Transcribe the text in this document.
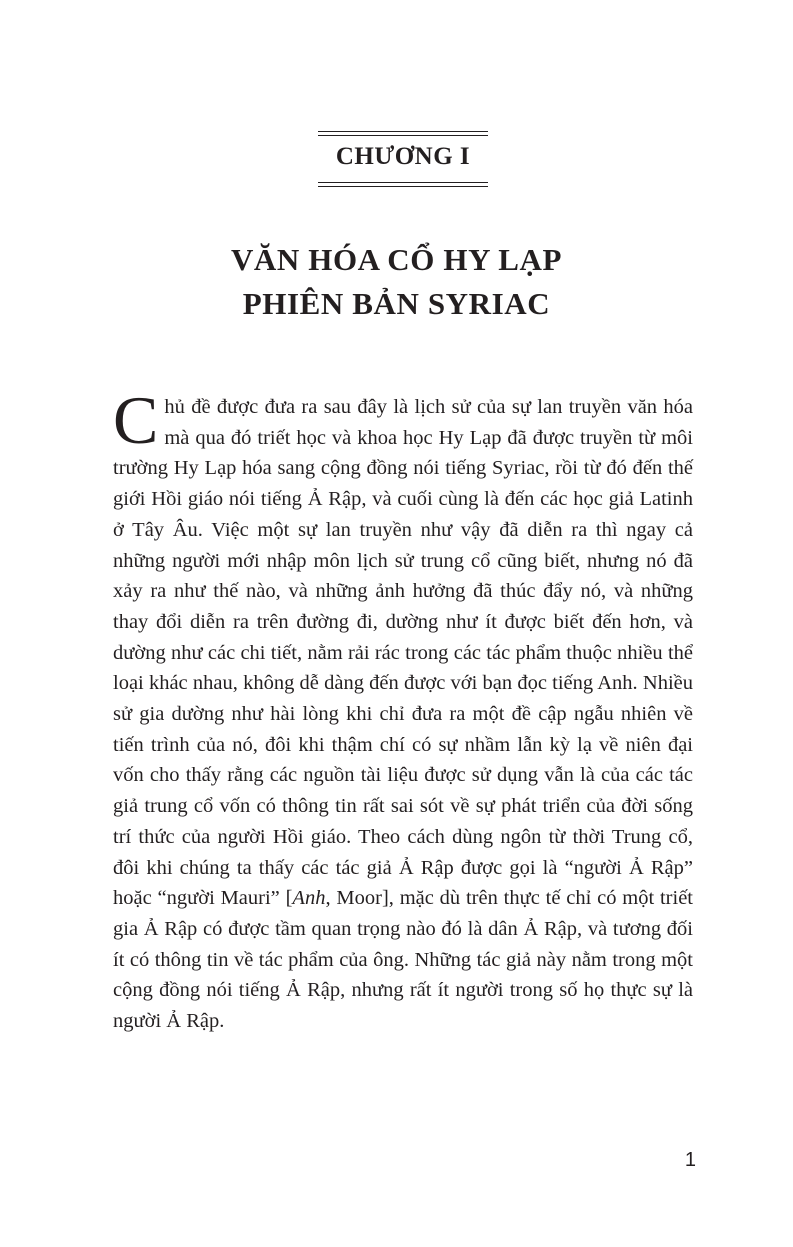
CHƯƠNG I
VĂN HÓA CỔ HY LẠP
PHIÊN BẢN SYRIAC
Chủ đề được đưa ra sau đây là lịch sử của sự lan truyền văn hóa mà qua đó triết học và khoa học Hy Lạp đã được truyền từ môi trường Hy Lạp hóa sang cộng đồng nói tiếng Syriac, rồi từ đó đến thế giới Hồi giáo nói tiếng Ả Rập, và cuối cùng là đến các học giả Latinh ở Tây Âu. Việc một sự lan truyền như vậy đã diễn ra thì ngay cả những người mới nhập môn lịch sử trung cổ cũng biết, nhưng nó đã xảy ra như thế nào, và những ảnh hưởng đã thúc đẩy nó, và những thay đổi diễn ra trên đường đi, dường như ít được biết đến hơn, và dường như các chi tiết, nằm rải rác trong các tác phẩm thuộc nhiều thể loại khác nhau, không dễ dàng đến được với bạn đọc tiếng Anh. Nhiều sử gia dường như hài lòng khi chỉ đưa ra một đề cập ngẫu nhiên về tiến trình của nó, đôi khi thậm chí có sự nhầm lẫn kỳ lạ về niên đại vốn cho thấy rằng các nguồn tài liệu được sử dụng vẫn là của các tác giả trung cổ vốn có thông tin rất sai sót về sự phát triển của đời sống trí thức của người Hồi giáo. Theo cách dùng ngôn từ thời Trung cổ, đôi khi chúng ta thấy các tác giả Ả Rập được gọi là “người Ả Rập” hoặc “người Mauri” [Anh, Moor], mặc dù trên thực tế chỉ có một triết gia Ả Rập có được tầm quan trọng nào đó là dân Ả Rập, và tương đối ít có thông tin về tác phẩm của ông. Những tác giả này nằm trong một cộng đồng nói tiếng Ả Rập, nhưng rất ít người trong số họ thực sự là người Ả Rập.
1
